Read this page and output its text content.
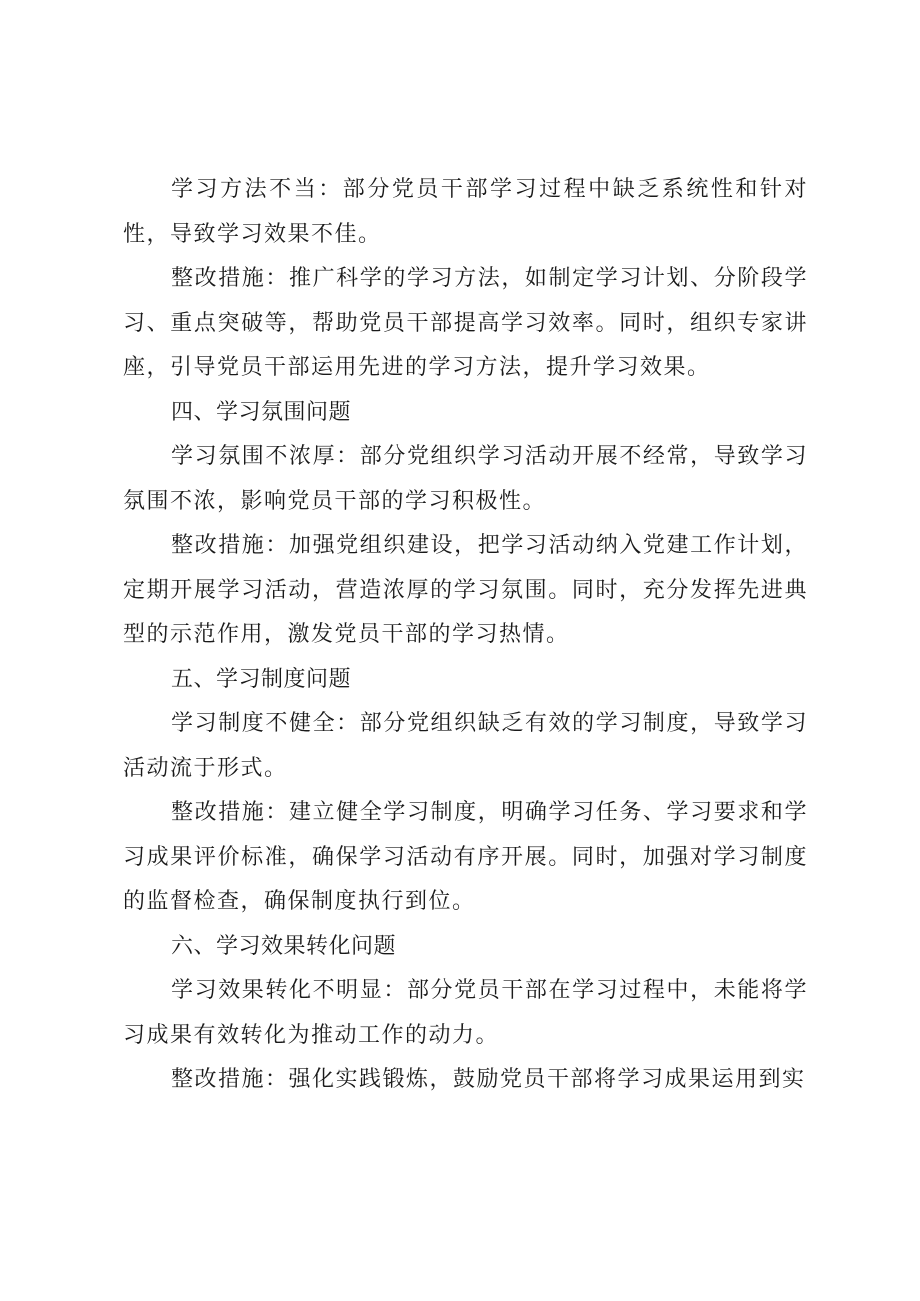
学习方法不当：部分党员干部学习过程中缺乏系统性和针对性，导致学习效果不佳。

整改措施：推广科学的学习方法，如制定学习计划、分阶段学习、重点突破等，帮助党员干部提高学习效率。同时，组织专家讲座，引导党员干部运用先进的学习方法，提升学习效果。

四、学习氛围问题

学习氛围不浓厚：部分党组织学习活动开展不经常，导致学习氛围不浓，影响党员干部的学习积极性。

整改措施：加强党组织建设，把学习活动纳入党建工作计划，定期开展学习活动，营造浓厚的学习氛围。同时，充分发挥先进典型的示范作用，激发党员干部的学习热情。

五、学习制度问题

学习制度不健全：部分党组织缺乏有效的学习制度，导致学习活动流于形式。

整改措施：建立健全学习制度，明确学习任务、学习要求和学习成果评价标准，确保学习活动有序开展。同时，加强对学习制度的监督检查，确保制度执行到位。

六、学习效果转化问题

学习效果转化不明显：部分党员干部在学习过程中，未能将学习成果有效转化为推动工作的动力。

整改措施：强化实践锻炼，鼓励党员干部将学习成果运用到实
